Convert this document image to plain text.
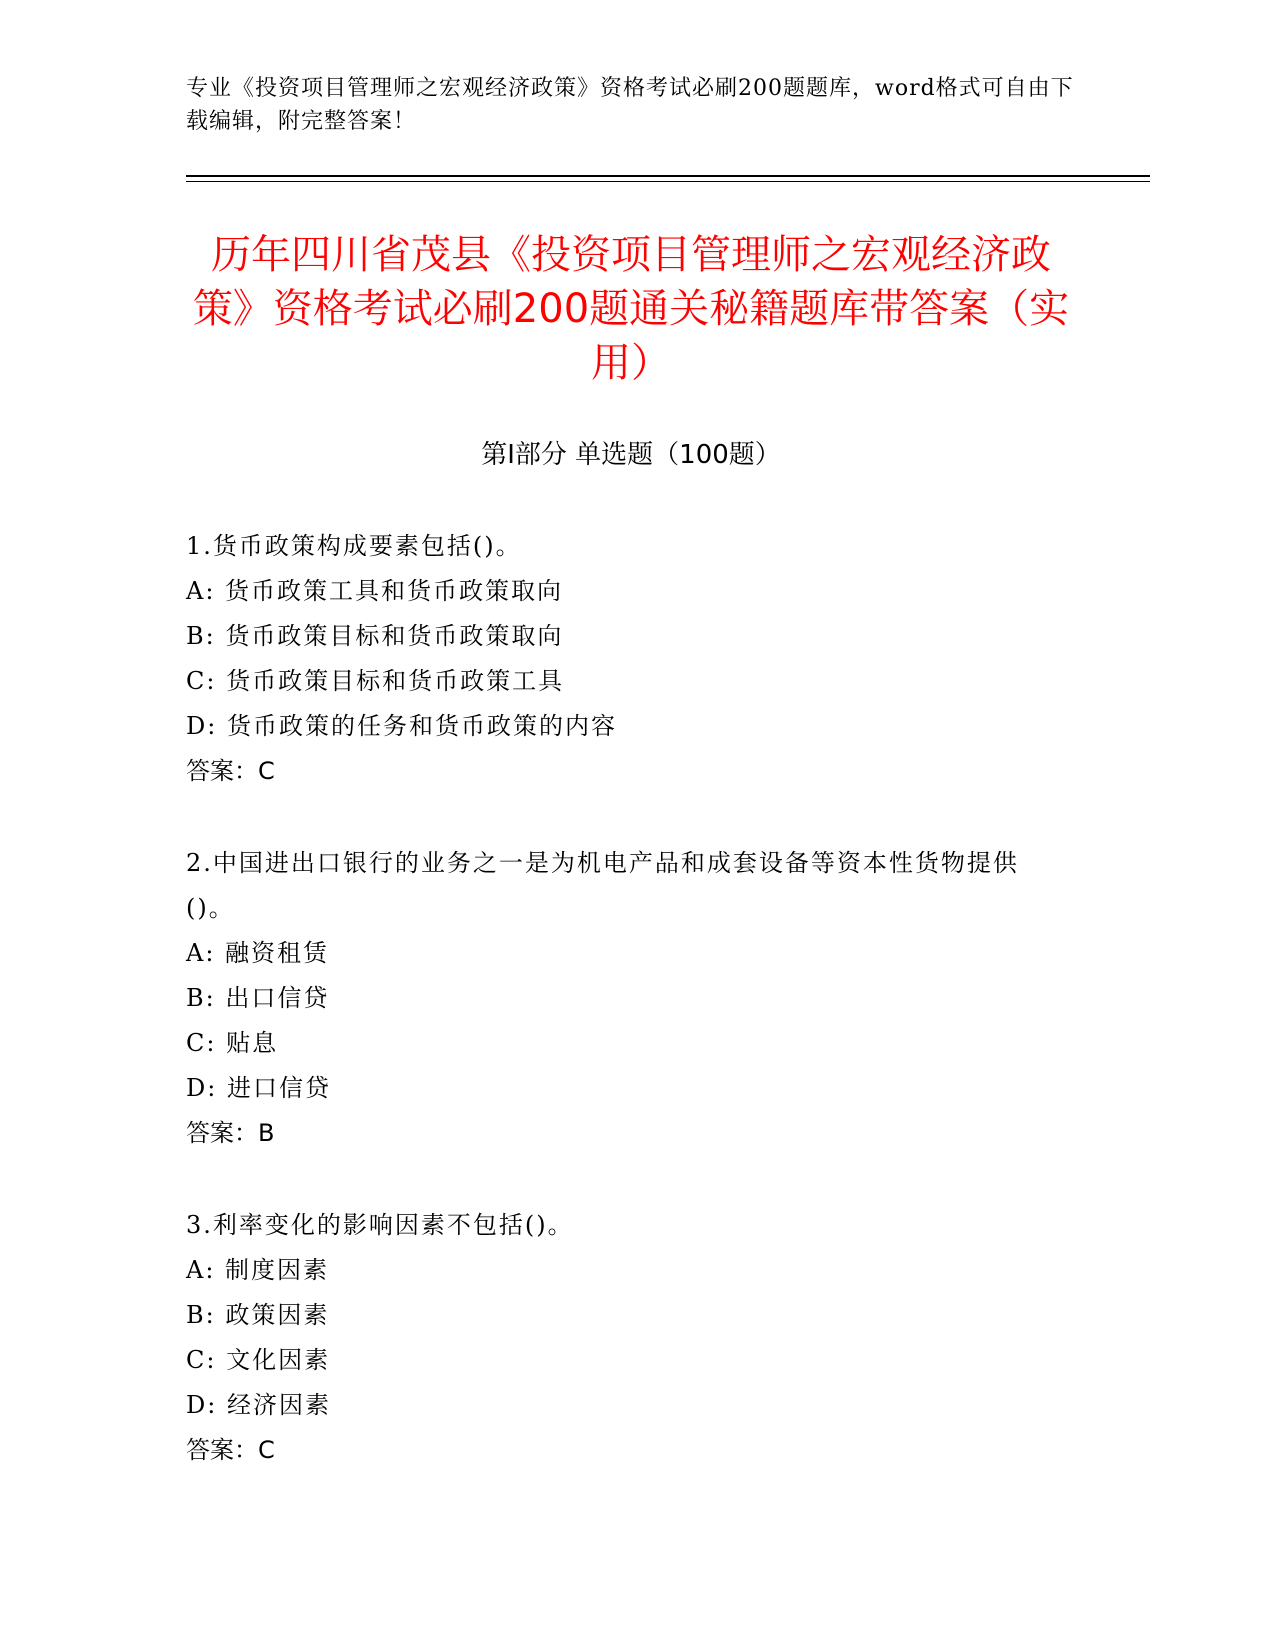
专业《投资项目管理师之宏观经济政策》资格考试必刷200题题库，word格式可自由下载编辑，附完整答案！
历年四川省茂县《投资项目管理师之宏观经济政策》资格考试必刷200题通关秘籍题库带答案（实用）
第I部分 单选题（100题）
1.货币政策构成要素包括()。
A: 货币政策工具和货币政策取向
B: 货币政策目标和货币政策取向
C: 货币政策目标和货币政策工具
D: 货币政策的任务和货币政策的内容
答案：C
2.中国进出口银行的业务之一是为机电产品和成套设备等资本性货物提供()。
A: 融资租赁
B: 出口信贷
C: 贴息
D: 进口信贷
答案：B
3.利率变化的影响因素不包括()。
A: 制度因素
B: 政策因素
C: 文化因素
D: 经济因素
答案：C
